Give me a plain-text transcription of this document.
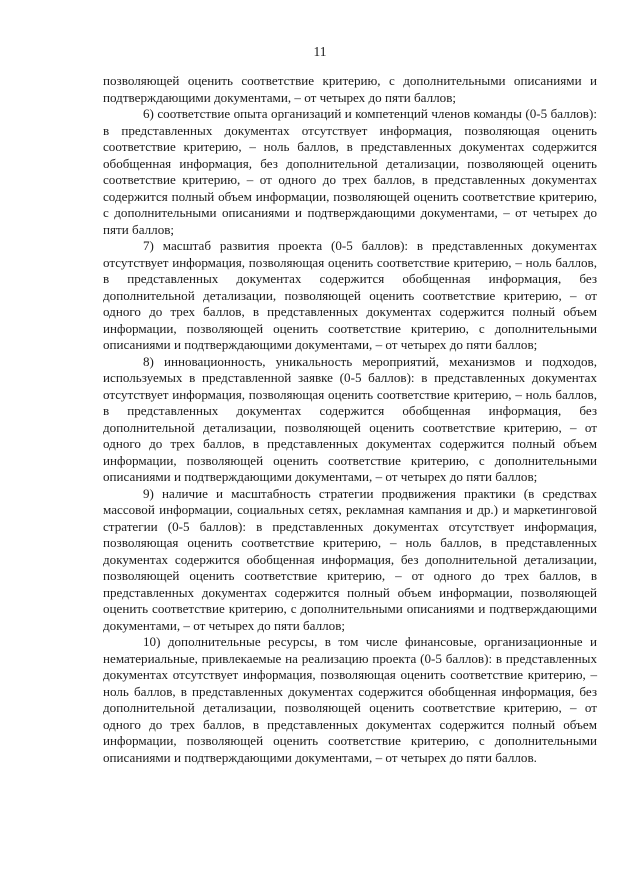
11

позволяющей оценить соответствие критерию, с дополнительными описаниями и подтверждающими документами, – от четырех до пяти баллов;

6) соответствие опыта организаций и компетенций членов команды (0-5 баллов): в представленных документах отсутствует информация, позволяющая оценить соответствие критерию, – ноль баллов, в представленных документах содержится обобщенная информация, без дополнительной детализации, позволяющей оценить соответствие критерию, – от одного до трех баллов, в представленных документах содержится полный объем информации, позволяющей оценить соответствие критерию, с дополнительными описаниями и подтверждающими документами, – от четырех до пяти баллов;

7) масштаб развития проекта (0-5 баллов): в представленных документах отсутствует информация, позволяющая оценить соответствие критерию, – ноль баллов, в представленных документах содержится обобщенная информация, без дополнительной детализации, позволяющей оценить соответствие критерию, – от одного до трех баллов, в представленных документах содержится полный объем информации, позволяющей оценить соответствие критерию, с дополнительными описаниями и подтверждающими документами, – от четырех до пяти баллов;

8) инновационность, уникальность мероприятий, механизмов и подходов, используемых в представленной заявке (0-5 баллов): в представленных документах отсутствует информация, позволяющая оценить соответствие критерию, – ноль баллов, в представленных документах содержится обобщенная информация, без дополнительной детализации, позволяющей оценить соответствие критерию, – от одного до трех баллов, в представленных документах содержится полный объем информации, позволяющей оценить соответствие критерию, с дополнительными описаниями и подтверждающими документами, – от четырех до пяти баллов;

9) наличие и масштабность стратегии продвижения практики (в средствах массовой информации, социальных сетях, рекламная кампания и др.) и маркетинговой стратегии (0-5 баллов): в представленных документах отсутствует информация, позволяющая оценить соответствие критерию, – ноль баллов, в представленных документах содержится обобщенная информация, без дополнительной детализации, позволяющей оценить соответствие критерию, – от одного до трех баллов, в представленных документах содержится полный объем информации, позволяющей оценить соответствие критерию, с дополнительными описаниями и подтверждающими документами, – от четырех до пяти баллов;

10) дополнительные ресурсы, в том числе финансовые, организационные и нематериальные, привлекаемые на реализацию проекта (0-5 баллов): в представленных документах отсутствует информация, позволяющая оценить соответствие критерию, – ноль баллов, в представленных документах содержится обобщенная информация, без дополнительной детализации, позволяющей оценить соответствие критерию, – от одного до трех баллов, в представленных документах содержится полный объем информации, позволяющей оценить соответствие критерию, с дополнительными описаниями и подтверждающими документами, – от четырех до пяти баллов.
